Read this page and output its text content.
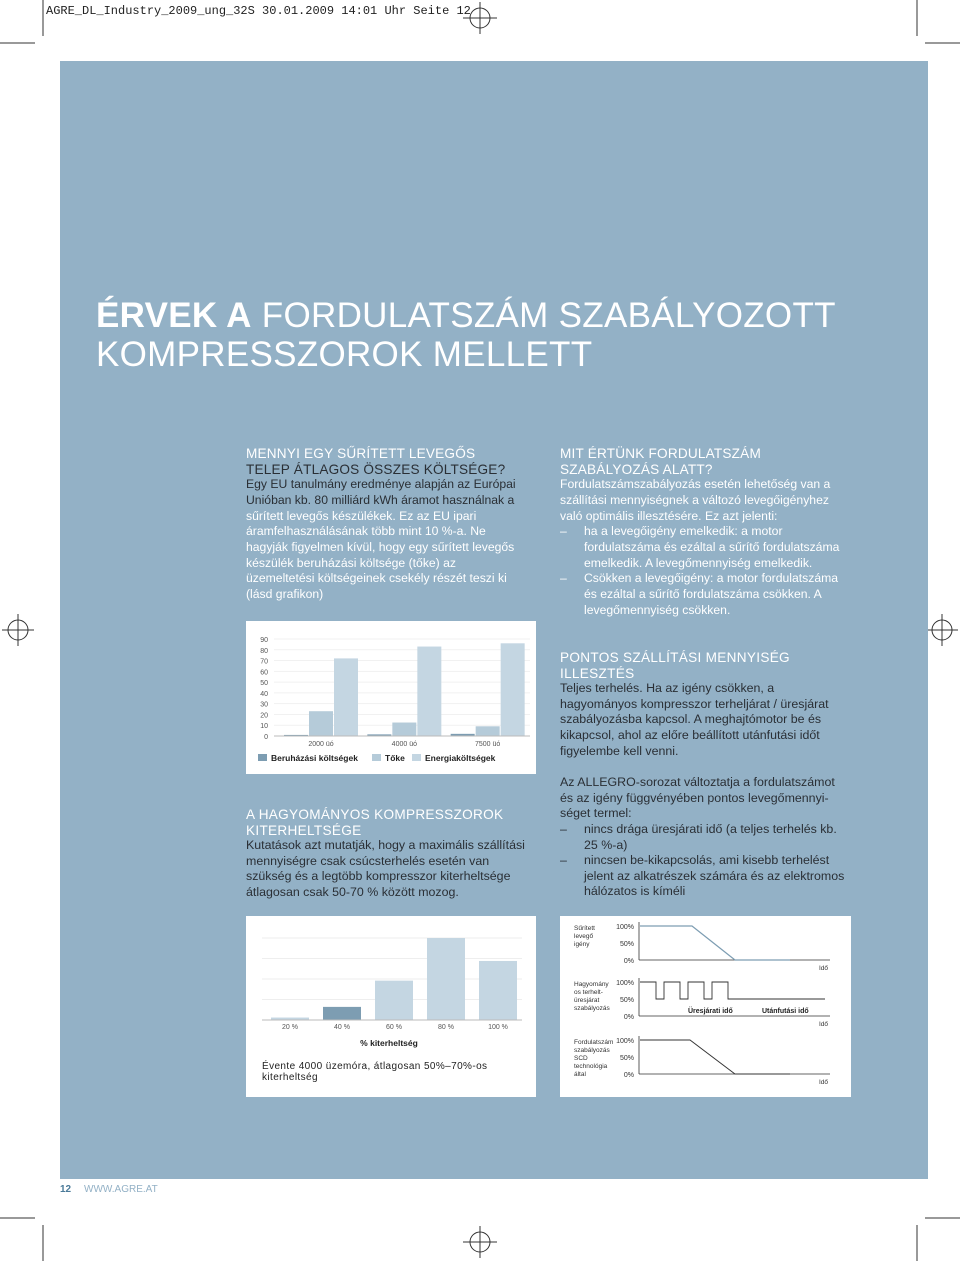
AGRE_DL_Industry_2009_ung_32S 30.01.2009 14:01 Uhr Seite 12
ÉRVEK A FORDULATSZÁM SZABÁLYOZOTT
KOMPRESSZOROK MELLETT
MENNYI EGY SŰRÍTETT LEVEGŐS
TELEP ÁTLAGOS ÖSSZES KÖLTSÉGE?
Egy EU tanulmány eredménye alapján az Európai
Unióban kb. 80 milliárd kWh áramot használnak a
sűrített levegős készülékek. Ez az EU ipari
áramfelhasználásának több mint 10 %-a. Ne
hagyják figyelmen kívül, hogy egy sűrített levegős
készülék beruházási költsége (tőke) az
üzemeltetési költségeinek csekély részét teszi ki
(lásd grafikon)
MIT ÉRTÜNK FORDULATSZÁM
SZABÁLYOZÁS ALATT?
Fordulatszámszabályozás esetén lehetőség van a
szállítási mennyiségnek a változó levegőigényhez
való optimális illesztésére. Ez azt jelenti:
– ha a levegőigény emelkedik: a motor
fordulatszáma és ezáltal a sűrítő fordulatszáma
emelkedik. A levegőmennyiség emelkedik.
– Csökken a levegőigény: a motor fordulatszáma
és ezáltal a sűrítő fordulatszáma csökken. A
levegőmennyiség csökken.
90
80
70
60
50
40
30
20
10
0
2000 üó	4000 üó	7500 üó
Beruházási költségek	Tőke Energiaköltségek
PONTOS SZÁLLÍTÁSI MENNYISÉG
ILLESZTÉS
Teljes terhelés. Ha az igény csökken, a
hagyományos kompresszor terheljárat / üresjárat
szabályozásba kapcsol. A meghajtómotor be és
kikapcsol, ahol az előre beállított utánfutási időt
figyelembe kell venni.
Az ALLEGRO-sorozat változtatja a fordulatszámot
és az igény függvényében pontos levegőmennyi-
séget termel:
– nincs drága üresjárati idő (a teljes terhelés kb.
25 %-a)
– nincsen be-kikapcsolás, ami kisebb terhelést
jelent az alkatrészek számára és az elektromos
hálózatos is kíméli
A HAGYOMÁNYOS KOMPRESSZOROK
KITERHELTSÉGE
Kutatások azt mutatják, hogy a maximális szállítási
mennyiségre csak csúcsterhelés esetén van
szükség és a legtöbb kompresszor kiterheltsége
átlagosan csak 50-70 % között mozog.
20 %	40 %	60 %	80 %	100 %
% kiterheltség
Évente 4000 üzemóra, átlagosan 50%–70%-os
kiterheltség
Sűrített
levegő
igény
100%
50%
0%
Idő
Hagyomány
os terhelt-
üresjárat
szabályozás
100%
50%
0%
Idő
Fordulatszám
szabályozás
SCD
technológia
által
100%
50%
0%
Idő
Üresjárati idő	Utánfutási idő
12 WWW.AGRE.AT
